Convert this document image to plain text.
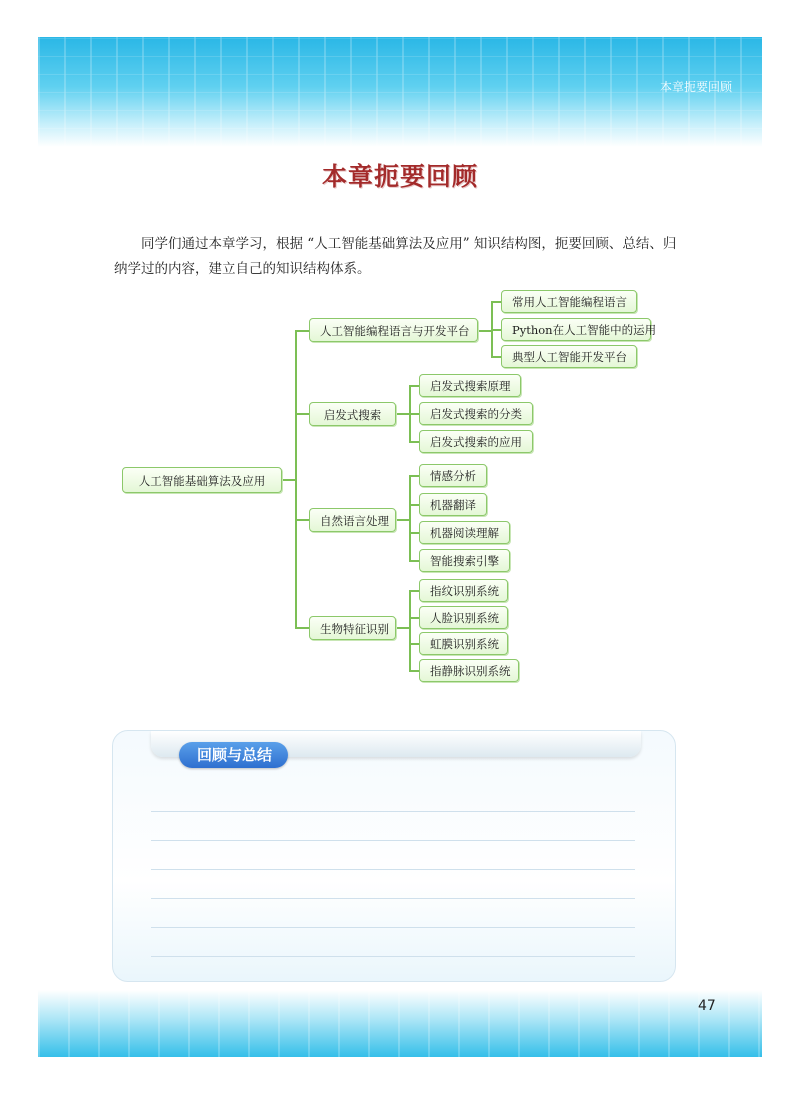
本章扼要回顾
本章扼要回顾

同学们通过本章学习，根据 “人工智能基础算法及应用” 知识结构图，扼要回顾、总结、归纳学过的内容，建立自己的知识结构体系。

人工智能基础算法及应用
人工智能编程语言与开发平台
启发式搜索
自然语言处理
生物特征识别
常用人工智能编程语言
Python在人工智能中的运用
典型人工智能开发平台
启发式搜索原理
启发式搜索的分类
启发式搜索的应用
情感分析
机器翻译
机器阅读理解
智能搜索引擎
指纹识别系统
人脸识别系统
虹膜识别系统
指静脉识别系统
回顾与总结
47
